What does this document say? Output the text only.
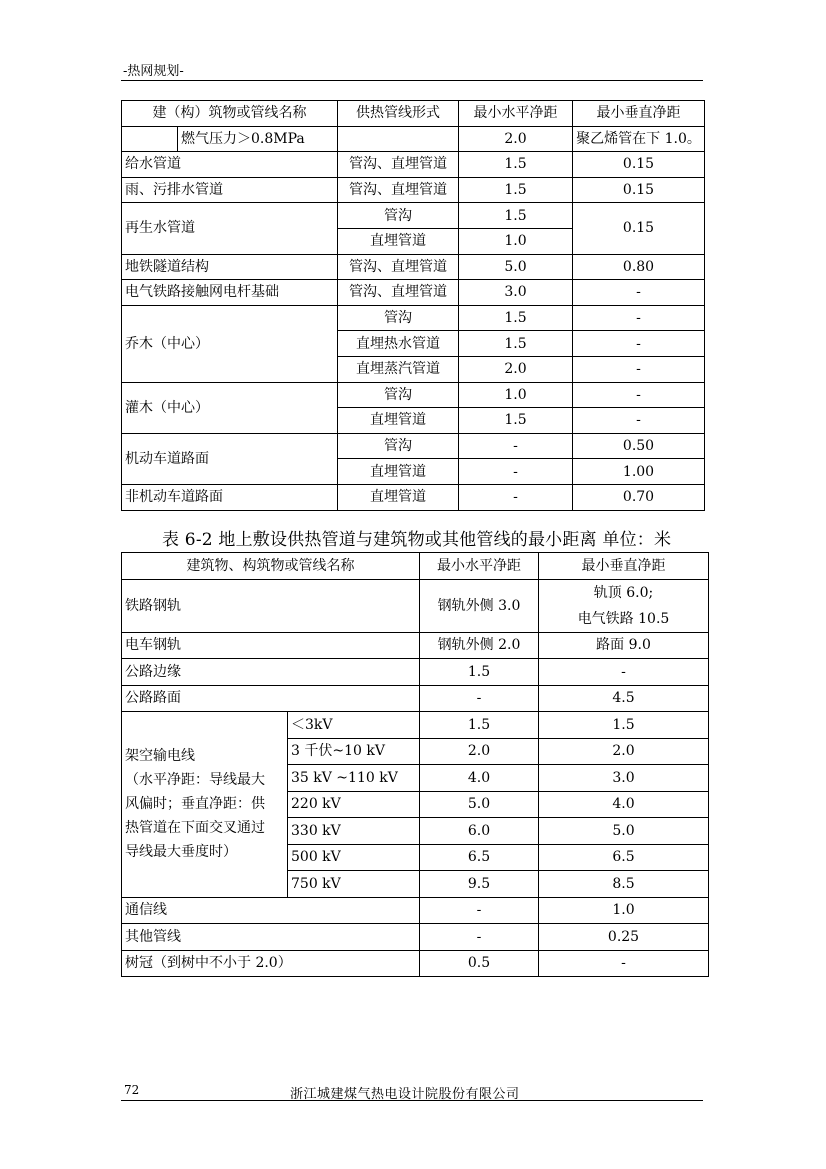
-热网规划-
建（构）筑物或管线名称		供热管线形式	最小水平净距	最小垂直净距
	燃气压力＞0.8MPa		2.0	聚乙烯管在下 1.0。
给水管道		管沟、直埋管道	1.5	0.15
雨、污排水管道		管沟、直埋管道	1.5	0.15
再生水管道		管沟	1.5	0.15
		直埋管道	1.0	
地铁隧道结构		管沟、直埋管道	5.0	0.80
电气铁路接触网电杆基础		管沟、直埋管道	3.0	-
乔木（中心）		管沟	1.5	-
		直埋热水管道	1.5	-
		直埋蒸汽管道	2.0	-
灌木（中心）		管沟	1.0	-
		直埋管道	1.5	-
机动车道路面		管沟	-	0.50
		直埋管道	-	1.00
非机动车道路面		直埋管道	-	0.70
表 6-2 地上敷设供热管道与建筑物或其他管线的最小距离 单位：米
建筑物、构筑物或管线名称		最小水平净距	最小垂直净距
铁路钢轨		钢轨外侧 3.0	轨顶 6.0;
			电气铁路 10.5
电车钢轨		钢轨外侧 2.0	路面 9.0
公路边缘		1.5	-
公路路面		-	4.5
架空输电线
（水平净距：导线最大
风偏时；垂直净距：供
热管道在下面交叉通过
导线最大垂度时）	＜3kV	1.5	1.5
	3 千伏~10 kV	2.0	2.0
	35 kV ~110 kV	4.0	3.0
	220 kV	5.0	4.0
	330 kV	6.0	5.0
	500 kV	6.5	6.5
	750 kV	9.5	8.5
通信线		-	1.0
其他管线		-	0.25
树冠（到树中不小于 2.0）		0.5	-
72	浙江城建煤气热电设计院股份有限公司
